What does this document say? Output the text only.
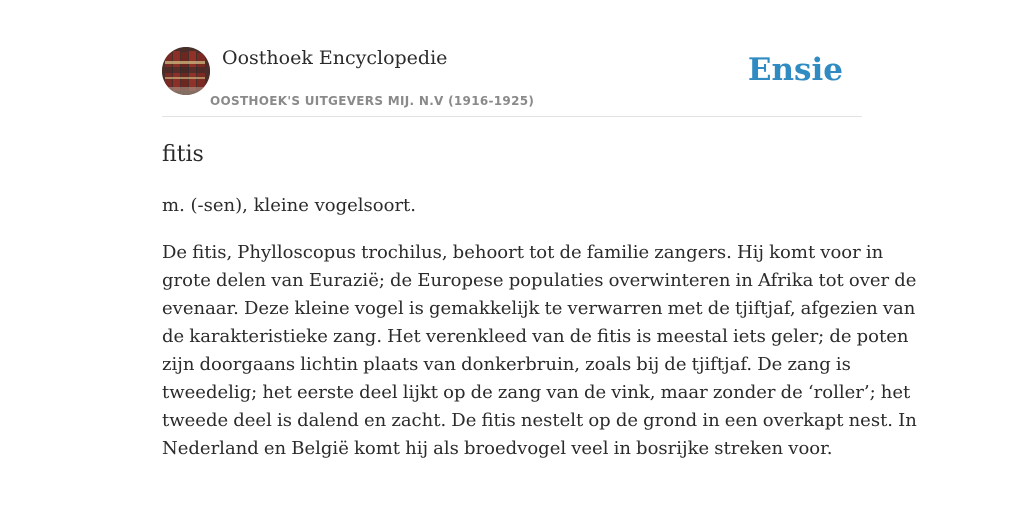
Oosthoek Encyclopedie
OOSTHOEK'S UITGEVERS MIJ. N.V (1916-1925)
Ensie
fitis

m. (-sen), kleine vogelsoort.

De fitis, Phylloscopus trochilus, behoort tot de familie zangers. Hij komt voor in
grote delen van Eurazië; de Europese populaties overwinteren in Afrika tot over de
evenaar. Deze kleine vogel is gemakkelijk te verwarren met de tjiftjaf, afgezien van
de karakteristieke zang. Het verenkleed van de fitis is meestal iets geler; de poten
zijn doorgaans lichtin plaats van donkerbruin, zoals bij de tjiftjaf. De zang is
tweedelig; het eerste deel lijkt op de zang van de vink, maar zonder de ‘roller’; het
tweede deel is dalend en zacht. De fitis nestelt op de grond in een overkapt nest. In
Nederland en België komt hij als broedvogel veel in bosrijke streken voor.
